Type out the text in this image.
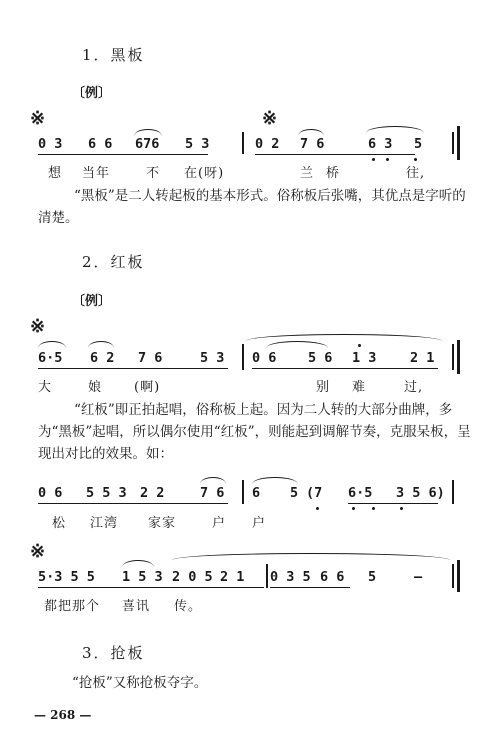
1．黑板
〔例〕
※	※
0 3 6 6 676 5 3	0 2 7 6	6 3 5
想 当年	不 在(呀)	兰 桥	往,
“黑板”是二人转起板的基本形式。俗称板后张嘴，其优点是字听的清楚。
2．红板
〔例〕
※
6·5 6 2 7 6	5 3 0 6 5 6 1 3 2 1
大	娘 (啊)	别 难	过,
“红板”即正拍起唱，俗称板上起。因为二人转的大部分曲牌，多为“黑板”起唱，所以偶尔使用“红板”，则能起到调解节奏，克服呆板，呈现出对比的效果。如：
0 6 5 5 3 2 2	7 6 6 5 (7 6·5 3 5 6)
松 江湾 家家	户 户
※
5·3 5 5 1 5 3 2 0 5 2 1 0 3 5 6 6 5	—
都把那个 喜讯 传。
3．抢板
“抢板”又称抢板夺字。
— 268 —
